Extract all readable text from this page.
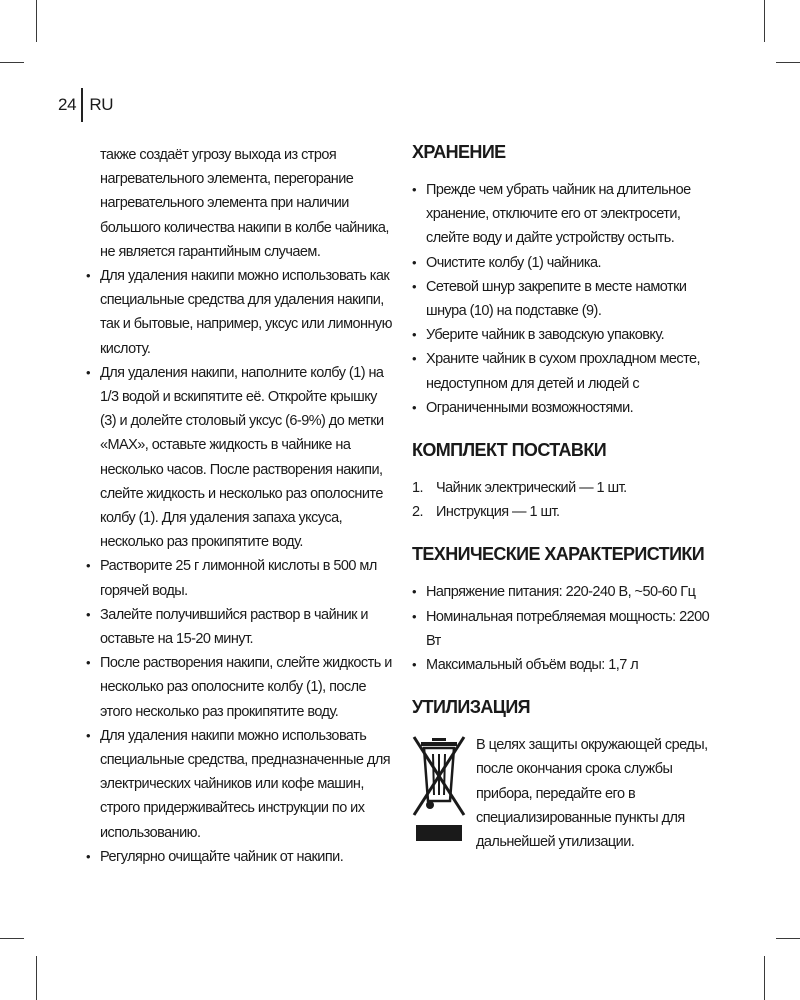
24 RU

также создаёт угрозу выхода из строя нагревательного элемента, перегорание нагревательного элемента при наличии большого количества накипи в колбе чайника, не является гарантийным случаем.

• Для удаления накипи можно использовать как специальные средства для удаления накипи, так и бытовые, например, уксус или лимонную кислоту.
• Для удаления накипи, наполните колбу (1) на 1/3 водой и вскипятите её. Откройте крышку (3) и долейте столовый уксус (6-9%) до метки «MAX», оставьте жидкость в чайнике на несколько часов. После растворения накипи, слейте жидкость и несколько раз ополосните колбу (1). Для удаления запаха уксуса, несколько раз прокипятите воду.
• Растворите 25 г лимонной кислоты в 500 мл горячей воды.
• Залейте получившийся раствор в чайник и оставьте на 15-20 минут.
• После растворения накипи, слейте жидкость и несколько раз ополосните колбу (1), после этого несколько раз прокипятите воду.
• Для удаления накипи можно использовать специальные средства, предназначенные для электрических чайников или кофе машин, строго придерживайтесь инструкции по их использованию.
• Регулярно очищайте чайник от накипи.
ХРАНЕНИЕ
• Прежде чем убрать чайник на длительное хранение, отключите его от электросети, слейте воду и дайте устройству остыть.
• Очистите колбу (1) чайника.
• Сетевой шнур закрепите в месте намотки шнура (10) на подставке (9).
• Уберите чайник в заводскую упаковку.
• Храните чайник в сухом прохладном месте, недоступном для детей и людей с
• Ограниченными возможностями.
КОМПЛЕКТ ПОСТАВКИ
1. Чайник электрический — 1 шт.
2. Инструкция — 1 шт.
ТЕХНИЧЕСКИЕ ХАРАКТЕРИСТИКИ
• Напряжение питания: 220-240 В, ~50-60 Гц
• Номинальная потребляемая мощность: 2200 Вт
• Максимальный объём воды: 1,7 л
УТИЛИЗАЦИЯ
В целях защиты окружающей среды, после окончания срока службы прибора, передайте его в специализированные пункты для дальнейшей утилизации.
